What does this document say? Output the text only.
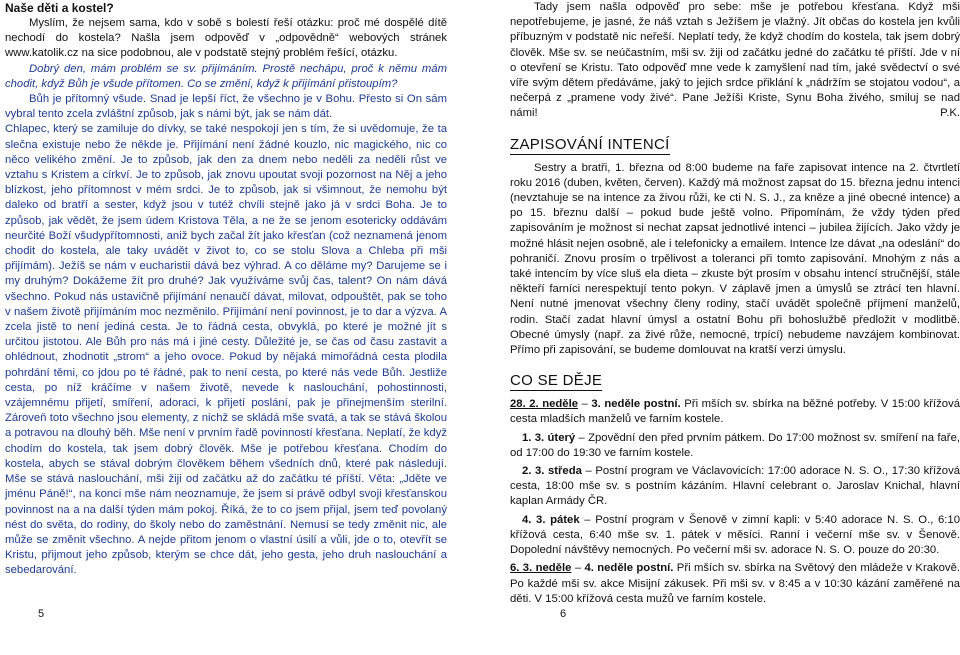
Naše děti a kostel?

Myslím, že nejsem sama, kdo v sobě s bolestí řeší otázku: proč mé dospělé dítě nechodí do kostela? Našla jsem odpověď v „odpovědně“ webových stránek www.katolik.cz na sice podobnou, ale v podstatě stejný problém řešící, otázku.

Dobrý den, mám problém se sv. přijímáním. Prostě nechápu, proč k němu mám chodit, když Bůh je všude přítomen. Co se změní, když k přijímání přistoupím?

Bůh je přítomný všude. Snad je lepší říct, že všechno je v Bohu. Přesto si On sám vybral tento zcela zvláštní způsob, jak s námi být, jak se nám dát.

Chlapec, který se zamiluje do dívky, se také nespokojí jen s tím, že si uvědomuje, že ta slečna existuje nebo že někde je. Přijímání není žádné kouzlo, nic magického, nic co něco velikého změní. Je to způsob, jak den za dnem nebo neděli za neděli růst ve vztahu s Kristem a církví. Je to způsob, jak znovu upoutat svoji pozornost na Něj a jeho blízkost, jeho přítomnost v mém srdci. Je to způsob, jak si všimnout, že nemohu být daleko od bratří a sester, když jsou v tutéž chvíli stejně jako já v srdci Boha. Je to způsob, jak vědět, že jsem údem Kristova Těla, a ne že se jenom esotericky oddávám neurčité Boží všudypřítomnosti, aniž bych začal žít jako křesťan (což neznamená jenom chodit do kostela, ale taky uvádět v život to, co se stolu Slova a Chleba při mši přijímám). Ježíš se nám v eucharistii dává bez výhrad. A co děláme my? Darujeme se i my druhým? Dokážeme žít pro druhé? Jak využíváme svůj čas, talent? On nám dává všechno. Pokud nás ustavičně přijímání nenaučí dávat, milovat, odpouštět, pak se toho v našem životě přijímáním moc nezměnilo. Přijímání není povinnost, je to dar a výzva. A zcela jistě to není jediná cesta. Je to řádná cesta, obvyklá, po které je možné jít s určitou jistotou. Ale Bůh pro nás má i jiné cesty. Důležité je, se čas od času zastavit a ohlédnout, zhodnotit „strom“ a jeho ovoce. Pokud by nějaká mimořádná cesta plodila pohrdání těmi, co jdou po té řádné, pak to není cesta, po které nás vede Bůh. Jestliže cesta, po níž kráčíme v našem životě, nevede k naslouchání, pohostinnosti, vzájemnému přijetí, smíření, adoraci, k přijetí poslání, pak je přinejmenším sterilní. Zároveň toto všechno jsou elementy, z nichž se skládá mše svatá, a tak se stává školou a potravou na dlouhý běh. Mše není v prvním řadě povinností křesťana. Neplatí, že když chodím do kostela, tak jsem dobrý člověk. Mše je potřebou křesťana. Chodím do kostela, abych se stával dobrým člověkem během všedních dnů, které pak následují. Mše se stává naslouchání, mši žiji od začátku až do začátku té příští. Věta: „Jděte ve jménu Páně!“, na konci mše nám neoznamuje, že jsem si právě odbyl svoji křesťanskou povinnost na a na další týden mám pokoj. Říká, že to co jsem přijal, jsem teď povolaný nést do světa, do rodiny, do školy nebo do zaměstnání. Nemusí se tedy změnit nic, ale může se změnit všechno. A nejde přitom jenom o vlastní úsilí a vůli, jde o to, otevřít se Kristu, přijmout jeho způsob, kterým se chce dát, jeho gesta, jeho druh naslouchání a sebedarování.

Tady jsem našla odpověď pro sebe: mše je potřebou křesťana. Když mši nepotřebujeme, je jasné, že náš vztah s Ježíšem je vlažný. Jít občas do kostela jen kvůli příbuzným v podstatě nic neřeší. Neplatí tedy, že když chodím do kostela, tak jsem dobrý člověk. Mše sv. se neúčastním, mši sv. žiji od začátku jedné do začátku té příští. Jde v ní o otevření se Kristu. Tato odpověď mne vede k zamyšlení nad tím, jaké svědectví o své víře svým dětem předáváme, jaký to jejich srdce přiklání k „nádržím se stojatou vodou“, a nečerpá z „pramene vody živé“. Pane Ježíši Kriste, Synu Boha živého, smiluj se nad námi!	P.K.

ZAPISOVÁNÍ INTENCÍ

Sestry a bratři, 1. března od 8:00 budeme na faře zapisovat intence na 2. čtvrtletí roku 2016 (duben, květen, červen). Každý má možnost zapsat do 15. března jednu intenci (nevztahuje se na intence za živou růži, ke cti N. S. J., za kněze a jiné obecné intence) a po 15. březnu další – pokud bude ještě volno. Připomínám, že vždy týden před zapisováním je možnost si nechat zapsat jednotlivé intenci – jubilea žijících. Jako vždy je možné hlásit nejen osobně, ale i telefonicky a emailem. Intence lze dávat „na odeslání“ do pohraničí. Znovu prosím o trpělivost a toleranci při tomto zapisování. Mnohým z nás a také intencím by více sluš ela dieta – zkuste být prosím v obsahu intencí stručnější, stále někteří farníci nerespektují tento pokyn. V záplavě jmen a úmyslů se ztrácí ten hlavní. Není nutné jmenovat všechny členy rodiny, stačí uvádět společně příjmení manželů, rodin. Stačí zadat hlavní úmysl a ostatní Bohu při bohoslužbě předložit v modlitbě. Obecné úmysly (např. za živé růže, nemocné, trpící) nebudeme navzájem kombinovat. Přímo při zapisování, se budeme domlouvat na kratší verzi úmyslu.

CO SE DĚJE

28. 2. neděle – 3. neděle postní. Při mších sv. sbírka na běžné potřeby. V 15:00 křížová cesta mladších manželů ve farním kostele.

1. 3. úterý – Zpovědní den před prvním pátkem. Do 17:00 možnost sv. smíření na faře, od 17:00 do 19:30 ve farním kostele.

2. 3. středa – Postní program ve Václavovicích: 17:00 adorace N. S. O., 17:30 křížová cesta, 18:00 mše sv. s postním kázáním. Hlavní celebrant o. Jaroslav Knichal, hlavní kaplan Armády ČR.

4. 3. pátek – Postní program v Šenově v zimní kapli: v 5:40 adorace N. S. O., 6:10 křížová cesta, 6:40 mše sv. 1. pátek v měsíci. Ranní i večerní mše sv. v Šenově. Dopolední návštěvy nemocných. Po večerní mši sv. adorace N. S. O. pouze do 20:30.

6. 3. neděle – 4. neděle postní. Při mších sv. sbírka na Světový den mládeže v Krakově. Po každé mši sv. akce Misijní zákusek. Při mši sv. v 8:45 a v 10:30 kázání zaměřené na děti. V 15:00 křížová cesta mužů ve farním kostele.

5	6
